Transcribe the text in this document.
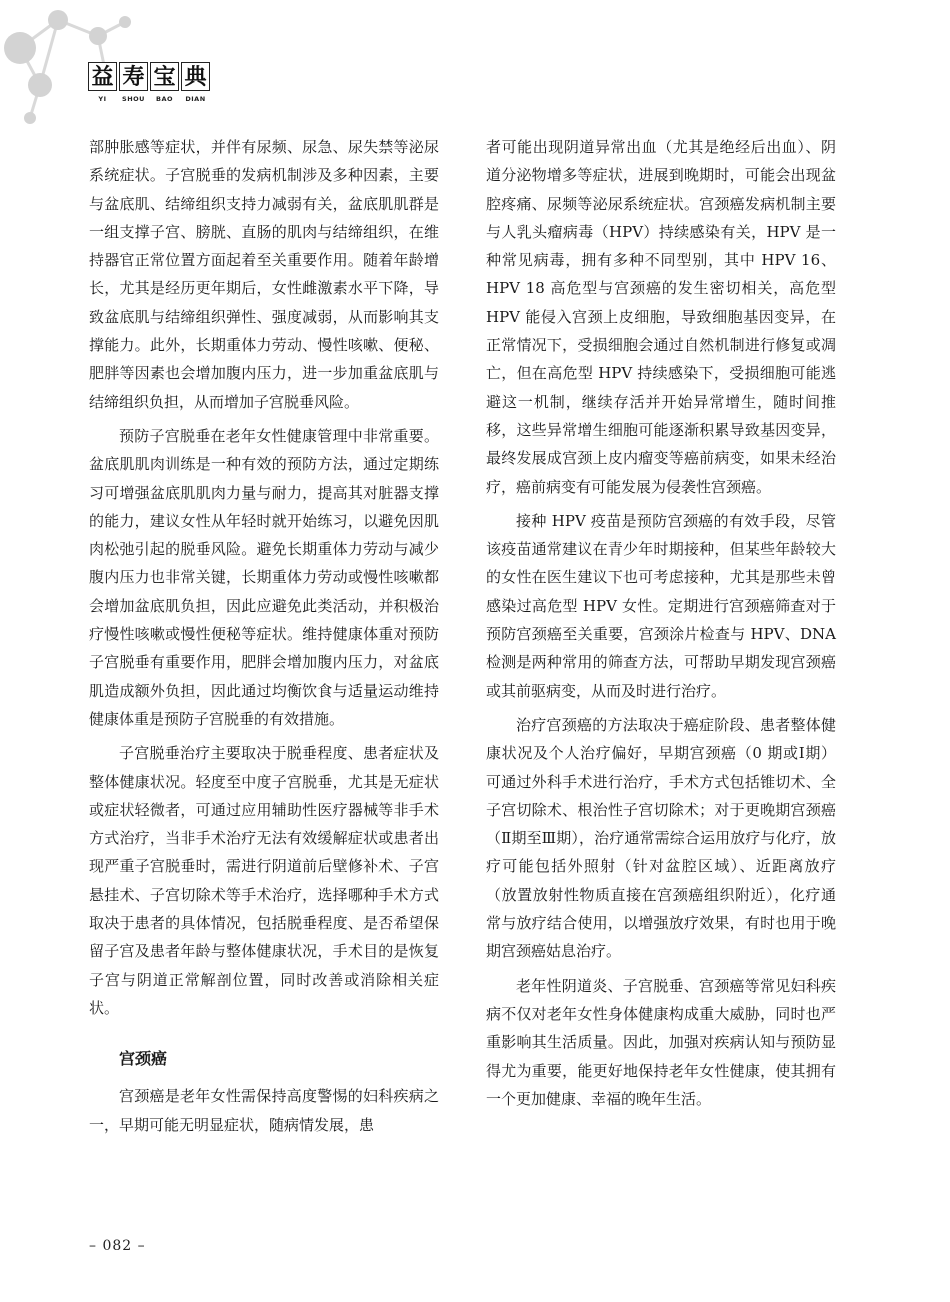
益 寿 宝 典
YI	SHOU	BAO	DIAN

部肿胀感等症状，并伴有尿频、尿急、尿失禁等泌尿系统症状。子宫脱垂的发病机制涉及多种因素，主要与盆底肌、结缔组织支持力减弱有关，盆底肌肌群是一组支撑子宫、膀胱、直肠的肌肉与结缔组织，在维持器官正常位置方面起着至关重要作用。随着年龄增长，尤其是经历更年期后，女性雌激素水平下降，导致盆底肌与结缔组织弹性、强度减弱，从而影响其支撑能力。此外，长期重体力劳动、慢性咳嗽、便秘、肥胖等因素也会增加腹内压力，进一步加重盆底肌与结缔组织负担，从而增加子宫脱垂风险。

预防子宫脱垂在老年女性健康管理中非常重要。盆底肌肌肉训练是一种有效的预防方法，通过定期练习可增强盆底肌肌肉力量与耐力，提高其对脏器支撑的能力，建议女性从年轻时就开始练习，以避免因肌肉松弛引起的脱垂风险。避免长期重体力劳动与减少腹内压力也非常关键，长期重体力劳动或慢性咳嗽都会增加盆底肌负担，因此应避免此类活动，并积极治疗慢性咳嗽或慢性便秘等症状。维持健康体重对预防子宫脱垂有重要作用，肥胖会增加腹内压力，对盆底肌造成额外负担，因此通过均衡饮食与适量运动维持健康体重是预防子宫脱垂的有效措施。

子宫脱垂治疗主要取决于脱垂程度、患者症状及整体健康状况。轻度至中度子宫脱垂，尤其是无症状或症状轻微者，可通过应用辅助性医疗器械等非手术方式治疗，当非手术治疗无法有效缓解症状或患者出现严重子宫脱垂时，需进行阴道前后壁修补术、子宫悬挂术、子宫切除术等手术治疗，选择哪种手术方式取决于患者的具体情况，包括脱垂程度、是否希望保留子宫及患者年龄与整体健康状况，手术目的是恢复子宫与阴道正常解剖位置，同时改善或消除相关症状。

宫颈癌

宫颈癌是老年女性需保持高度警惕的妇科疾病之一，早期可能无明显症状，随病情发展，患

者可能出现阴道异常出血（尤其是绝经后出血）、阴道分泌物增多等症状，进展到晚期时，可能会出现盆腔疼痛、尿频等泌尿系统症状。宫颈癌发病机制主要与人乳头瘤病毒（HPV）持续感染有关，HPV 是一种常见病毒，拥有多种不同型别，其中 HPV 16、HPV 18 高危型与宫颈癌的发生密切相关，高危型 HPV 能侵入宫颈上皮细胞，导致细胞基因变异，在正常情况下，受损细胞会通过自然机制进行修复或凋亡，但在高危型 HPV 持续感染下，受损细胞可能逃避这一机制，继续存活并开始异常增生，随时间推移，这些异常增生细胞可能逐渐积累导致基因变异，最终发展成宫颈上皮内瘤变等癌前病变，如果未经治疗，癌前病变有可能发展为侵袭性宫颈癌。

接种 HPV 疫苗是预防宫颈癌的有效手段，尽管该疫苗通常建议在青少年时期接种，但某些年龄较大的女性在医生建议下也可考虑接种，尤其是那些未曾感染过高危型 HPV 女性。定期进行宫颈癌筛查对于预防宫颈癌至关重要，宫颈涂片检查与 HPV、DNA 检测是两种常用的筛查方法，可帮助早期发现宫颈癌或其前驱病变，从而及时进行治疗。

治疗宫颈癌的方法取决于癌症阶段、患者整体健康状况及个人治疗偏好，早期宫颈癌（0 期或Ⅰ期）可通过外科手术进行治疗，手术方式包括锥切术、全子宫切除术、根治性子宫切除术；对于更晚期宫颈癌（Ⅱ期至Ⅲ期），治疗通常需综合运用放疗与化疗，放疗可能包括外照射（针对盆腔区域）、近距离放疗（放置放射性物质直接在宫颈癌组织附近），化疗通常与放疗结合使用，以增强放疗效果，有时也用于晚期宫颈癌姑息治疗。

老年性阴道炎、子宫脱垂、宫颈癌等常见妇科疾病不仅对老年女性身体健康构成重大威胁，同时也严重影响其生活质量。因此，加强对疾病认知与预防显得尤为重要，能更好地保持老年女性健康，使其拥有一个更加健康、幸福的晚年生活。

– 082 –
